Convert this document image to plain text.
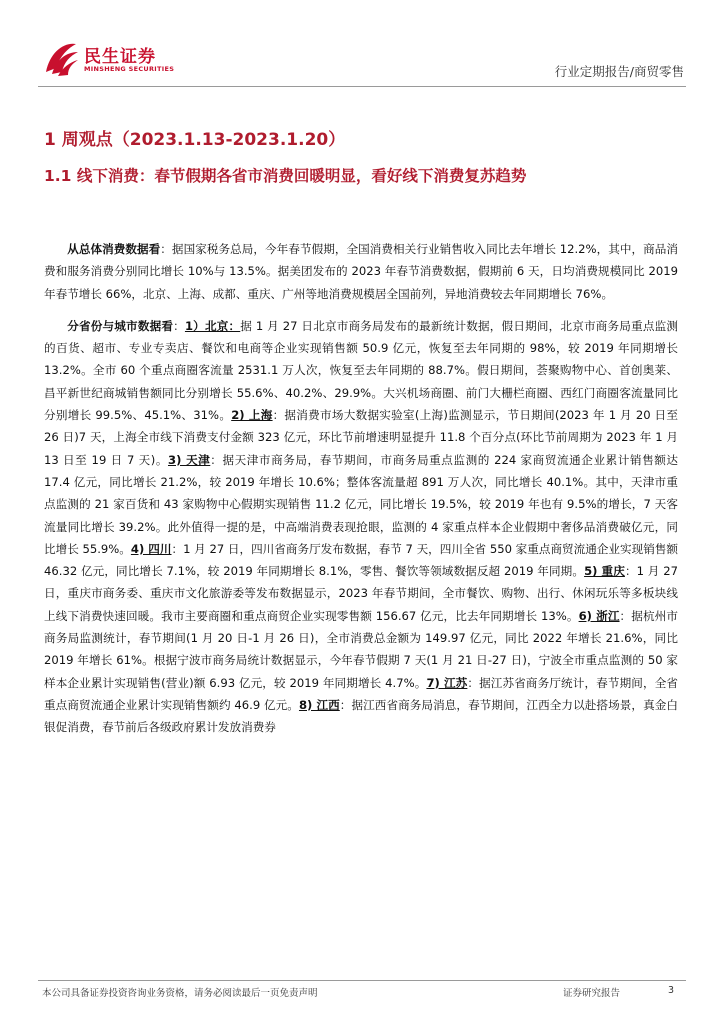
民生证券
MINSHENG SECURITIES	行业定期报告/商贸零售
1 周观点（2023.1.13-2023.1.20）
1.1 线下消费：春节假期各省市消费回暖明显，看好线下消费复苏趋势

从总体消费数据看：据国家税务总局，今年春节假期，全国消费相关行业销售收入同比去年增长 12.2%，其中，商品消费和服务消费分别同比增长 10%与 13.5%。据美团发布的 2023 年春节消费数据，假期前 6 天，日均消费规模同比 2019 年春节增长 66%，北京、上海、成都、重庆、广州等地消费规模居全国前列，异地消费较去年同期增长 76%。

分省份与城市数据看：1）北京：据 1 月 27 日北京市商务局发布的最新统计数据，假日期间，北京市商务局重点监测的百货、超市、专业专卖店、餐饮和电商等企业实现销售额 50.9 亿元，恢复至去年同期的 98%，较 2019 年同期增长 13.2%。全市 60 个重点商圈客流量 2531.1 万人次，恢复至去年同期的 88.7%。假日期间，荟聚购物中心、首创奥莱、昌平新世纪商城销售额同比分别增长 55.6%、40.2%、29.9%。大兴机场商圈、前门大栅栏商圈、西红门商圈客流量同比分别增长 99.5%、45.1%、31%。2) 上海：据消费市场大数据实验室(上海)监测显示，节日期间(2023 年 1 月 20 日至 26 日)7 天，上海全市线下消费支付金额 323 亿元，环比节前增速明显提升 11.8 个百分点(环比节前周期为 2023 年 1 月 13 日至 19 日 7 天)。3) 天津：据天津市商务局，春节期间，市商务局重点监测的 224 家商贸流通企业累计销售额达 17.4 亿元，同比增长 21.2%，较 2019 年增长 10.6%；整体客流量超 891 万人次，同比增长 40.1%。其中，天津市重点监测的 21 家百货和 43 家购物中心假期实现销售 11.2 亿元，同比增长 19.5%，较 2019 年也有 9.5%的增长，7 天客流量同比增长 39.2%。此外值得一提的是，中高端消费表现抢眼，监测的 4 家重点样本企业假期中奢侈品消费破亿元，同比增长 55.9%。4) 四川：1 月 27 日，四川省商务厅发布数据，春节 7 天，四川全省 550 家重点商贸流通企业实现销售额 46.32 亿元，同比增长 7.1%，较 2019 年同期增长 8.1%，零售、餐饮等领域数据反超 2019 年同期。5) 重庆：1 月 27 日，重庆市商务委、重庆市文化旅游委等发布数据显示，2023 年春节期间，全市餐饮、购物、出行、休闲玩乐等多板块线上线下消费快速回暖。我市主要商圈和重点商贸企业实现零售额 156.67 亿元，比去年同期增长 13%。6) 浙江：据杭州市商务局监测统计，春节期间(1 月 20 日-1 月 26 日)，全市消费总金额为 149.97 亿元，同比 2022 年增长 21.6%，同比 2019 年增长 61%。根据宁波市商务局统计数据显示，今年春节假期 7 天(1 月 21 日-27 日)，宁波全市重点监测的 50 家样本企业累计实现销售(营业)额 6.93 亿元，较 2019 年同期增长 4.7%。7) 江苏：据江苏省商务厅统计，春节期间，全省重点商贸流通企业累计实现销售额约 46.9 亿元。8) 江西：据江西省商务局消息，春节期间，江西全力以赴搭场景，真金白银促消费，春节前后各级政府累计发放消费券

本公司具备证券投资咨询业务资格，请务必阅读最后一页免责声明	证券研究报告	3
